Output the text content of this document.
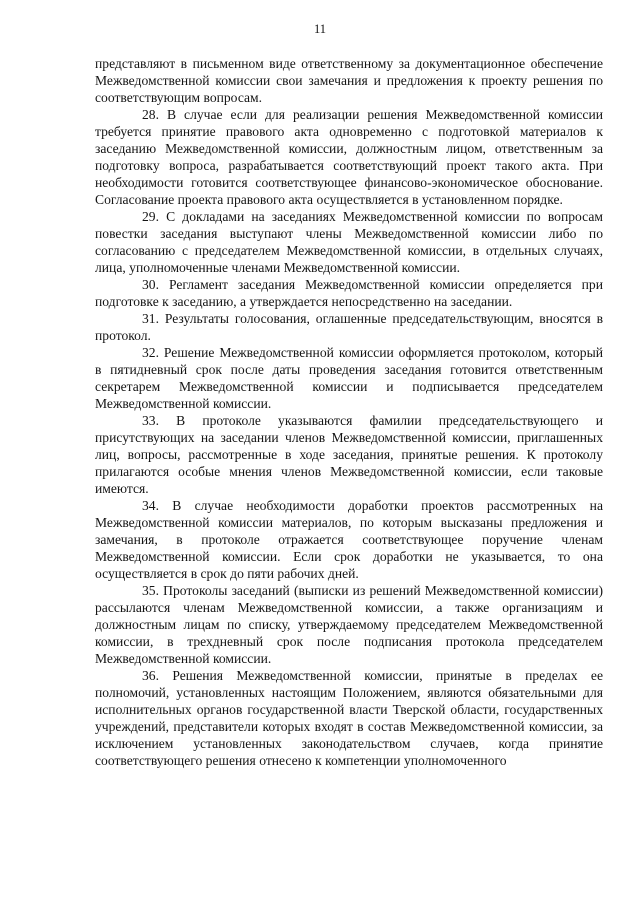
11

представляют в письменном виде ответственному за документационное обеспечение Межведомственной комиссии свои замечания и предложения к проекту решения по соответствующим вопросам.

28. В случае если для реализации решения Межведомственной комиссии требуется принятие правового акта одновременно с подготовкой материалов к заседанию Межведомственной комиссии, должностным лицом, ответственным за подготовку вопроса, разрабатывается соответствующий проект такого акта. При необходимости готовится соответствующее финансово-экономическое обоснование. Согласование проекта правового акта осуществляется в установленном порядке.

29. С докладами на заседаниях Межведомственной комиссии по вопросам повестки заседания выступают члены Межведомственной комиссии либо по согласованию с председателем Межведомственной комиссии, в отдельных случаях, лица, уполномоченные членами Межведомственной комиссии.

30. Регламент заседания Межведомственной комиссии определяется при подготовке к заседанию, а утверждается непосредственно на заседании.

31. Результаты голосования, оглашенные председательствующим, вносятся в протокол.

32. Решение Межведомственной комиссии оформляется протоколом, который в пятидневный срок после даты проведения заседания готовится ответственным секретарем Межведомственной комиссии и подписывается председателем Межведомственной комиссии.

33. В протоколе указываются фамилии председательствующего и присутствующих на заседании членов Межведомственной комиссии, приглашенных лиц, вопросы, рассмотренные в ходе заседания, принятые решения. К протоколу прилагаются особые мнения членов Межведомственной комиссии, если таковые имеются.

34. В случае необходимости доработки проектов рассмотренных на Межведомственной комиссии материалов, по которым высказаны предложения и замечания, в протоколе отражается соответствующее поручение членам Межведомственной комиссии. Если срок доработки не указывается, то она осуществляется в срок до пяти рабочих дней.

35. Протоколы заседаний (выписки из решений Межведомственной комиссии) рассылаются членам Межведомственной комиссии, а также организациям и должностным лицам по списку, утверждаемому председателем Межведомственной комиссии, в трехдневный срок после подписания протокола председателем Межведомственной комиссии.

36. Решения Межведомственной комиссии, принятые в пределах ее полномочий, установленных настоящим Положением, являются обязательными для исполнительных органов государственной власти Тверской области, государственных учреждений, представители которых входят в состав Межведомственной комиссии, за исключением установленных законодательством случаев, когда принятие соответствующего решения отнесено к компетенции уполномоченного
